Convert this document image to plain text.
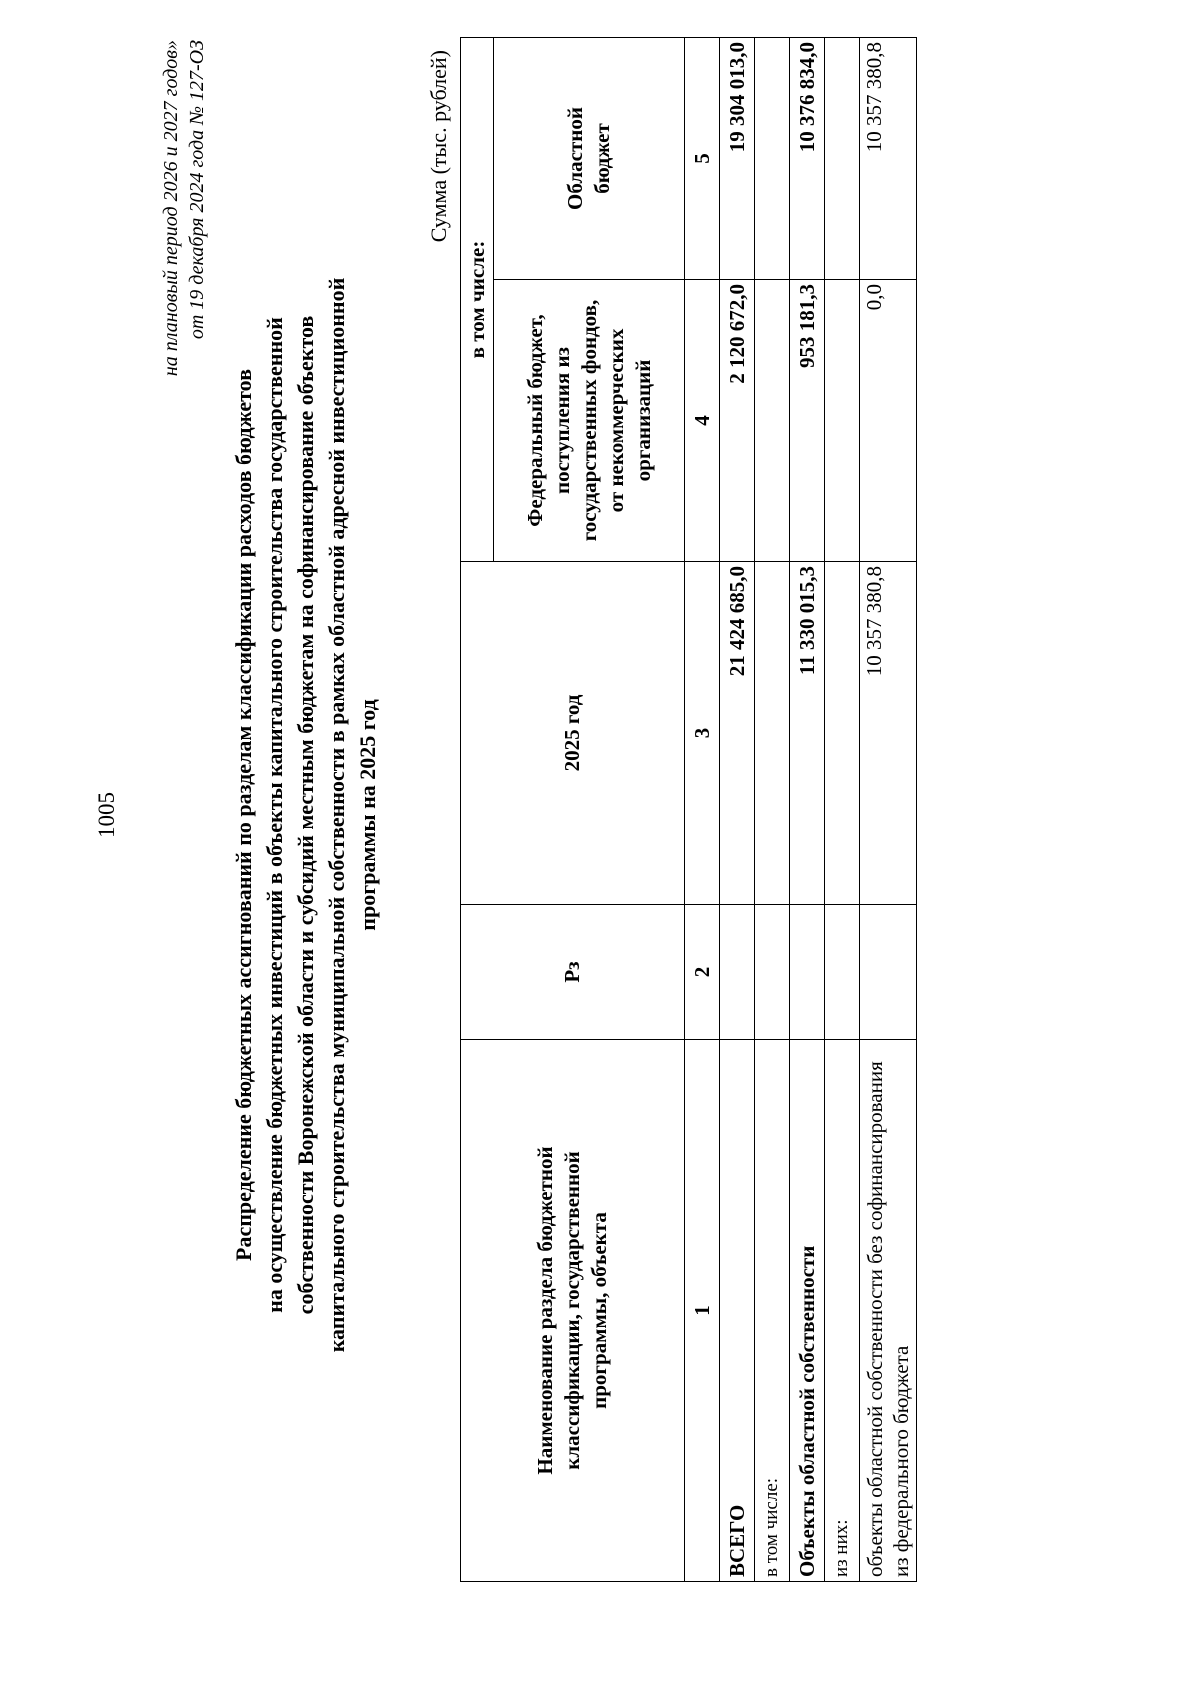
1005
на плановый период 2026 и 2027 годов» от 19 декабря 2024 года № 127-ОЗ
Распределение бюджетных ассигнований по разделам классификации расходов бюджетов на осуществление бюджетных инвестиций в объекты капитального строительства государственной собственности Воронежской области и субсидий местным бюджетам на софинансирование объектов капитального строительства муниципальной собственности в рамках областной адресной инвестиционной программы на 2025 год
Сумма (тыс. рублей)
Наименование раздела бюджетной классификации, государственной программы, объекта	Рз	2025 год	в том числе:	
			Федеральный бюджет, поступления из государственных фондов, от некоммерческих организаций	Областной бюджет
1	2	3	4	5
ВСЕГО		21 424 685,0	2 120 672,0	19 304 013,0
в том числе:				
Объекты областной собственности		11 330 015,3	953 181,3	10 376 834,0
из них:				
объекты областной собственности без софинансирования из федерального бюджета		10 357 380,8	0,0	10 357 380,8
